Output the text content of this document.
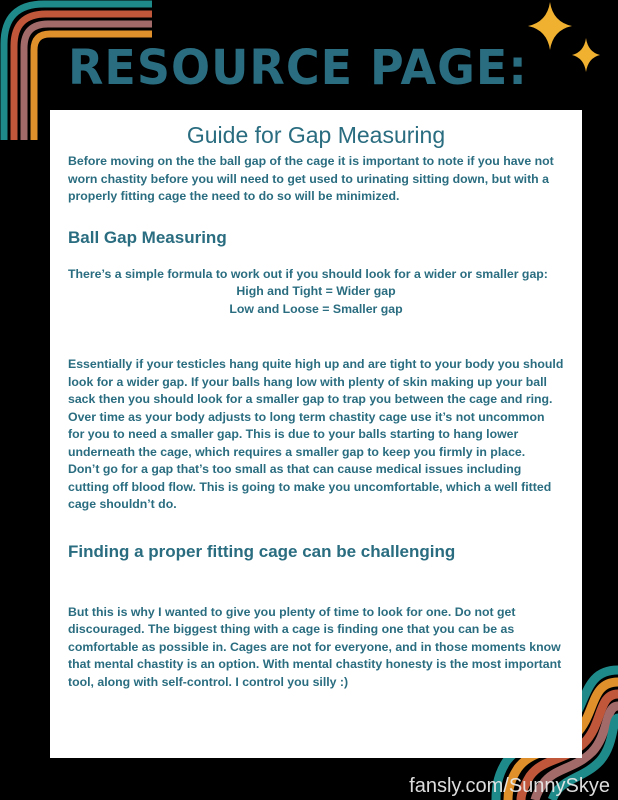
RESOURCE PAGE:
Guide for Gap Measuring

Before moving on the the ball gap of the cage it is important to note if you have not worn chastity before you will need to get used to urinating sitting down, but with a properly fitting cage the need to do so will be minimized.

Ball Gap Measuring

There’s a simple formula to work out if you should look for a wider or smaller gap:

High and Tight = Wider gap

Low and Loose = Smaller gap

Essentially if your testicles hang quite high up and are tight to your body you should look for a wider gap. If your balls hang low with plenty of skin making up your ball sack then you should look for a smaller gap to trap you between the cage and ring. Over time as your body adjusts to long term chastity cage use it’s not uncommon for you to need a smaller gap. This is due to your balls starting to hang lower underneath the cage, which requires a smaller gap to keep you firmly in place.

Don’t go for a gap that’s too small as that can cause medical issues including cutting off blood flow. This is going to make you uncomfortable, which a well fitted cage shouldn’t do.

Finding a proper fitting cage can be challenging

But this is why I wanted to give you plenty of time to look for one. Do not get discouraged. The biggest thing with a cage is finding one that you can be as comfortable as possible in. Cages are not for everyone, and in those moments know that mental chastity is an option. With mental chastity honesty is the most important tool, along with self-control. I control you silly :)

fansly.com/SunnySkye
